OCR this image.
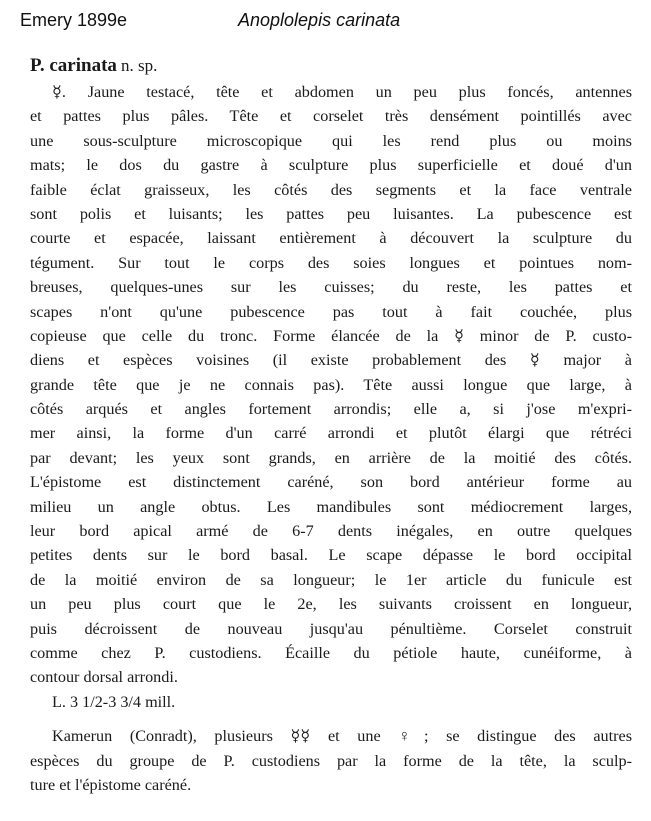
Emery 1899e	Anoplolepis carinata
P. carinata n. sp.
☿. Jaune testacé, tête et abdomen un peu plus foncés, antennes
et pattes plus pâles. Tête et corselet très densément pointillés avec
une sous-sculpture microscopique qui les rend plus ou moins
mats; le dos du gastre à sculpture plus superficielle et doué d'un
faible éclat graisseux, les côtés des segments et la face ventrale
sont polis et luisants; les pattes peu luisantes. La pubescence est
courte et espacée, laissant entièrement à découvert la sculpture du
tégument. Sur tout le corps des soies longues et pointues nom-
breuses, quelques-unes sur les cuisses; du reste, les pattes et
scapes n'ont qu'une pubescence pas tout à fait couchée, plus
copieuse que celle du tronc. Forme élancée de la ☿ minor de P. custo-
diens et espèces voisines (il existe probablement des ☿ major à
grande tête que je ne connais pas). Tête aussi longue que large, à
côtés arqués et angles fortement arrondis; elle a, si j'ose m'expri-
mer ainsi, la forme d'un carré arrondi et plutôt élargi que rétréci
par devant; les yeux sont grands, en arrière de la moitié des côtés.
L'épistome est distinctement caréné, son bord antérieur forme au
milieu un angle obtus. Les mandibules sont médiocrement larges,
leur bord apical armé de 6-7 dents inégales, en outre quelques
petites dents sur le bord basal. Le scape dépasse le bord occipital
de la moitié environ de sa longueur; le 1er article du funicule est
un peu plus court que le 2e, les suivants croissent en longueur,
puis décroissent de nouveau jusqu'au pénultième. Corselet construit
comme chez P. custodiens. Écaille du pétiole haute, cunéiforme, à
contour dorsal arrondi.
L. 3 1/2-3 3/4 mill.
Kamerun (Conradt), plusieurs ☿☿ et une ♀; se distingue des autres
espèces du groupe de P. custodiens par la forme de la tête, la sculp-
ture et l'épistome caréné.
